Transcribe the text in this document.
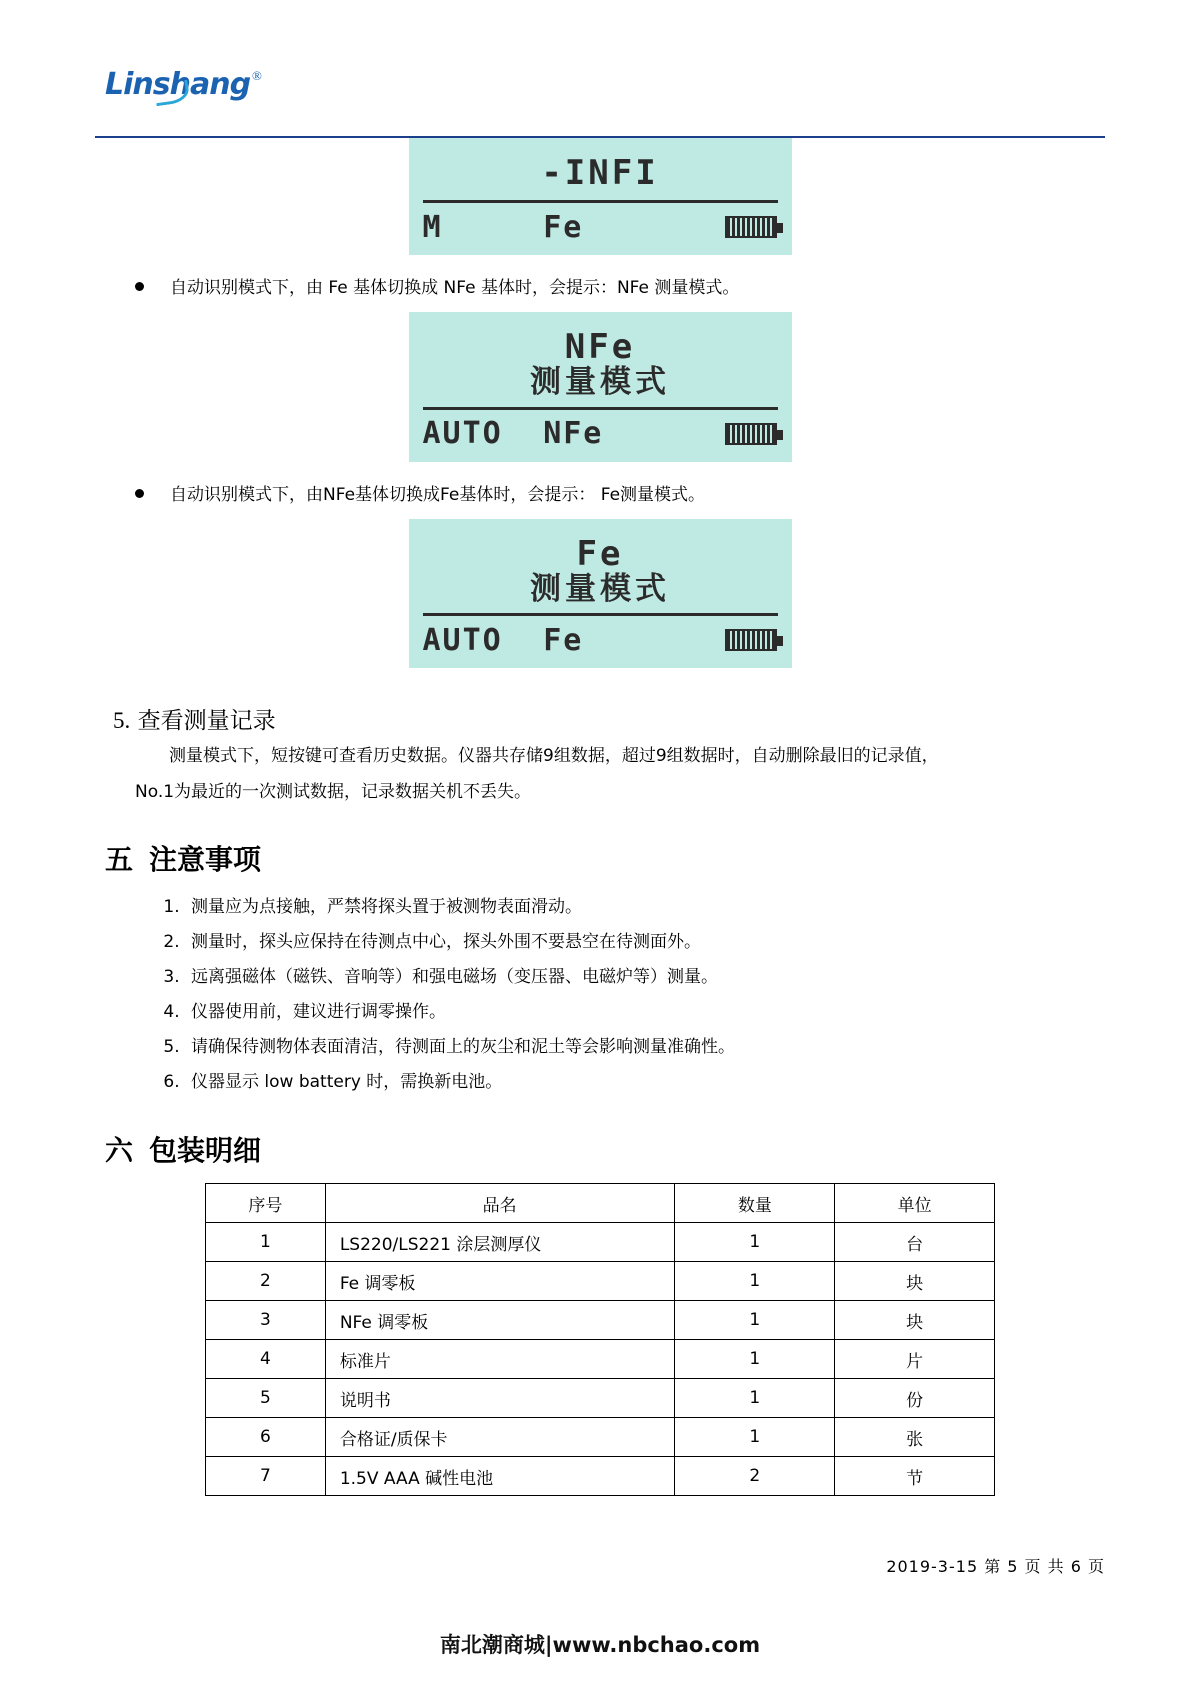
Linshang ®
-INFI
M	Fe
自动识别模式下，由 Fe 基体切换成 NFe 基体时，会提示：NFe 测量模式。
NFe
测量模式
AUTO	NFe
自动识别模式下，由NFe基体切换成Fe基体时，会提示： Fe测量模式。
Fe
测量模式
AUTO	Fe
5. 查看测量记录
测量模式下，短按键可查看历史数据。仪器共存储9组数据，超过9组数据时，自动删除最旧的记录值，
No.1为最近的一次测试数据，记录数据关机不丢失。
五 注意事项
1. 测量应为点接触，严禁将探头置于被测物表面滑动。
2. 测量时，探头应保持在待测点中心，探头外围不要悬空在待测面外。
3. 远离强磁体（磁铁、音响等）和强电磁场（变压器、电磁炉等）测量。
4. 仪器使用前，建议进行调零操作。
5. 请确保待测物体表面清洁，待测面上的灰尘和泥土等会影响测量准确性。
6. 仪器显示 low battery 时，需换新电池。
六 包装明细
序号	品名	数量	单位
1	LS220/LS221 涂层测厚仪	1	台
2	Fe 调零板	1	块
3	NFe 调零板	1	块
4	标准片	1	片
5	说明书	1	份
6	合格证/质保卡	1	张
7	1.5V AAA 碱性电池	2	节
2019-3-15 第 5 页 共 6 页
南北潮商城|www.nbchao.com
